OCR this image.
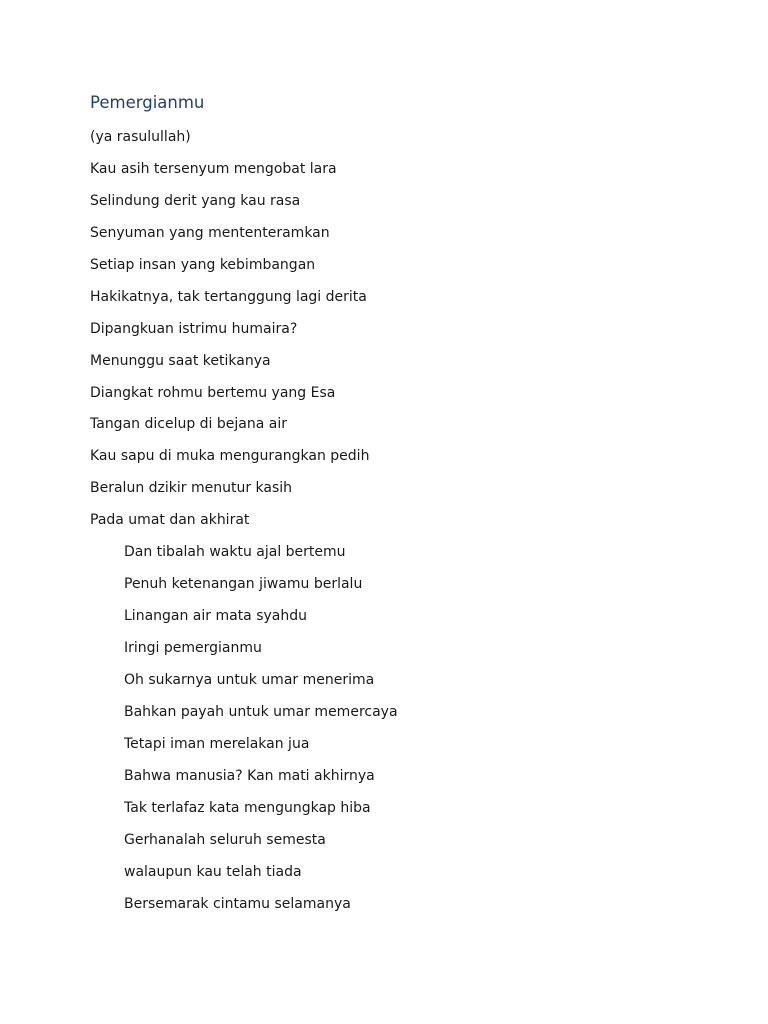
Pemergianmu
(ya rasulullah)
Kau asih tersenyum mengobat lara
Selindung derit yang kau rasa
Senyuman yang mententeramkan
Setiap insan yang kebimbangan
Hakikatnya, tak tertanggung lagi derita
Dipangkuan istrimu humaira?
Menunggu saat ketikanya
Diangkat rohmu bertemu yang Esa
Tangan dicelup di bejana air
Kau sapu di muka mengurangkan pedih
Beralun dzikir menutur kasih
Pada umat dan akhirat
Dan tibalah waktu ajal bertemu
Penuh ketenangan jiwamu berlalu
Linangan air mata syahdu
Iringi pemergianmu
Oh sukarnya untuk umar menerima
Bahkan payah untuk umar memercaya
Tetapi iman merelakan jua
Bahwa manusia? Kan mati akhirnya
Tak terlafaz kata mengungkap hiba
Gerhanalah seluruh semesta
walaupun kau telah tiada
Bersemarak cintamu selamanya
